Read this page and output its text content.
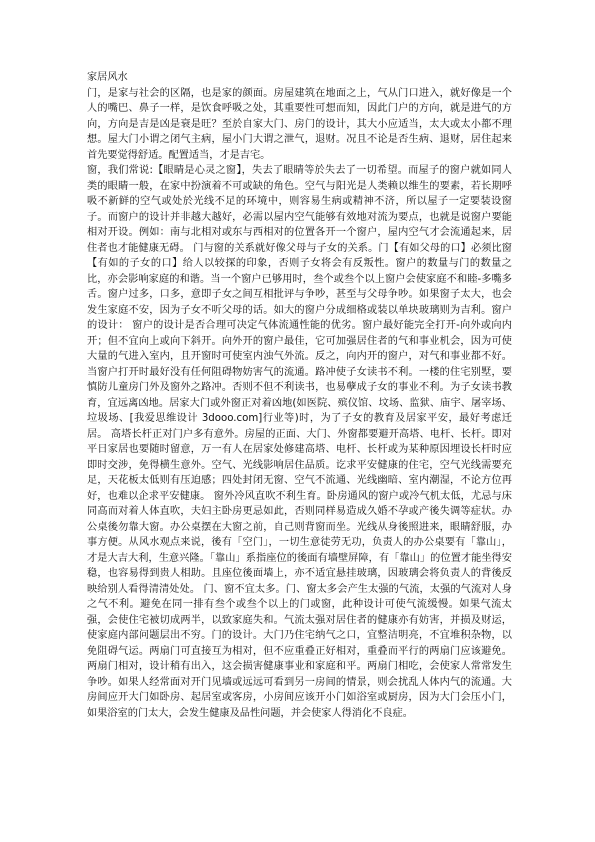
家居风水

门，是家与社会的区隔，也是家的颜面。房屋建筑在地面之上，气从门口进入，就好像是一个人的嘴巴、鼻子一样，是饮食呼吸之处，其重要性可想而知，因此门户的方向，就是进气的方向，方向是吉是凶是衰是旺？至於自家大门、房门的设计，其大小应适当，太大或太小都不理想。屋大门小谓之闭气主病，屋小门大谓之泄气，退财。况且不论是否生病、退财，居住起来首先要觉得舒适。配置适当，才是吉宅。

窗，我们常说:【眼睛是心灵之窗】，失去了眼睛等於失去了一切希望。而屋子的窗户就如同人类的眼睛一般，在家中扮演着不可或缺的角色。空气与阳光是人类赖以维生的要素，若长期呼吸不新鲜的空气或处於光线不足的环境中，则容易生病或精神不济，所以屋子一定要装设窗子。而窗户的设计并非越大越好，必需以屋内空气能够有效地对流为要点，也就是说窗户要能相对开设。例如：南与北相对或东与西相对的位置各开一个窗户，屋内空气才会流通起来，居住者也才能健康无碍。 门与窗的关系就好像父母与子女的关系。门【有如父母的口】必须比窗【有如的子女的口】给人以较探的印象，否则子女将会有反叛性。窗户的数量与门的数量之比，亦会影响家庭的和谐。当一个窗户已够用时，叁个或叁个以上窗户会使家庭不和睦-多嘴多舌。窗户过多，口多，意即子女之间互相批评与争吵，甚至与父母争吵。如果窗子太大，也会发生家庭不安，因为子女不听父母的话。如大的窗户分成细格或装以单块玻璃则为吉利。窗户的设计： 窗户的设计是否合理可决定气体流通性能的优劣。窗户最好能完全打开-向外或向内开；但不宜向上或向下斜开。向外开的窗户最佳，它可加强居住者的气和事业机会，因为可使大量的气进入室内，且开窗时可使室内浊气外流。反之，向内开的窗户，对气和事业都不好。当窗户打开时最好没有任何阻碍物妨害气的流通。路冲使子女读书不利。一楼的住宅别墅，要慎防儿童房门外及窗外之路冲。否则不但不利读书，也易孽成子女的事业不利。为子女读书教育，宜远离凶地。居家大门或外窗正对着凶地(如医院、殡仪馆、坟场、监狱、庙宇、屠宰场、垃圾场、[我爱思维设计 3dooo.com]行业等)时，为了子女的教育及居家平安，最好考虑迁居。 高塔长杆正对门户多有意外。房屋的正面、大门、外窗都要避开高塔、电杆、长杆。即对平日家居也要随时留意，万一有人在居家处修建高塔、电杆、长杆或为某种原因埋设长杆时应即时交涉，免得横生意外。空气、光线影响居住品质。讫求平安健康的住宅，空气光线需要充足，天花板太低则有压迫感；四处封闭无窗、空气不流通、光线幽暗、室内潮湿，不论方位再好，也难以企求平安健康。 窗外冷风直吹不利生育。卧房通风的窗户或冷气机太低，尤忌与床同高而对着人体直吹，夫妇主卧房更忌如此，否则同样易造成久婚不孕或产後失调等症状。办公桌後勿靠大窗。办公桌摆在大窗之前，自己则背窗而坐。光线从身後照进来，眼睛舒服，办事方便。从风水观点来说，後有「空门」，一切生意徒劳无功，负责人的办公桌要有「靠山」，才是大吉大利，生意兴隆。「靠山」系指座位的後面有墙壁屏障，有「靠山」的位置才能坐得安稳，也容易得到贵人相助。且座位後面墙上，亦不适宜悬挂玻璃，因玻璃会将负责人的背後反映给别人看得清清处处。 门、窗不宜太多。门、窗太多会产生太强的气流，太强的气流对人身之气不利。避免在同一排有叁个或叁个以上的门或窗，此种设计可使气流缓慢。如果气流太强，会使住宅被切成两半，以致家庭失和。气流太强对居住者的健康亦有妨害，并损及财运，使家庭内部问题层出不穷。门的设计。大门乃住宅纳气之口，宜整洁明亮，不宜堆积杂物，以免阻碍气运。两扇门可直接互为相对，但不应重叠正好相对，重叠而平行的两扇门应该避免。两扇门相对，设计稍有出入，这会损害健康事业和家庭和平。两扇门相吃，会使家人常常发生争吵。如果人经常面对开门见墙或远远可看到另一房间的情景，则会扰乱人体内气的流通。大房间应开大门如卧房、起居室或客房，小房间应该开小门如浴室或厨房，因为大门会压小门，如果浴室的门太大，会发生健康及品性问题，并会使家人得消化不良症。
